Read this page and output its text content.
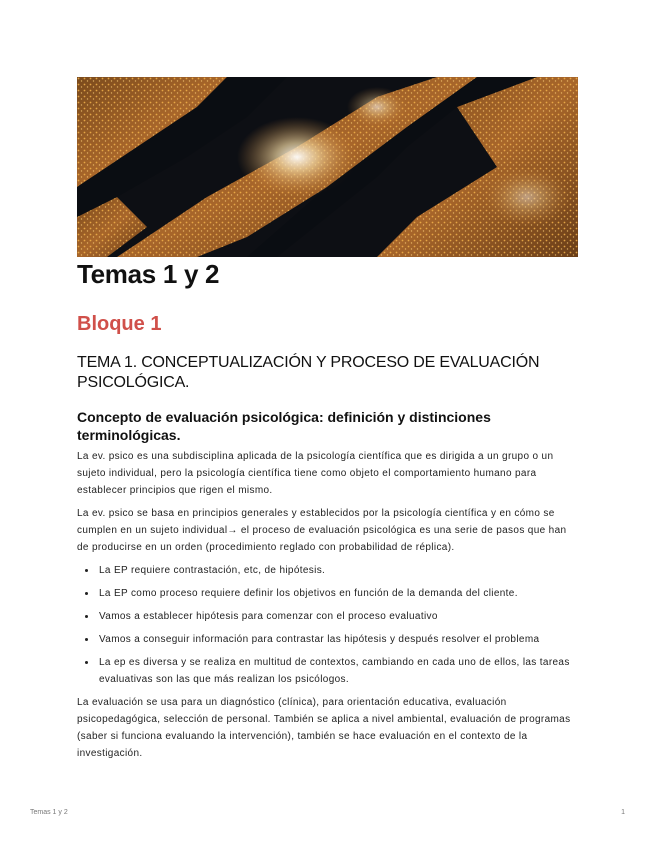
Temas 1 y 2
Bloque 1
TEMA 1. CONCEPTUALIZACIÓN Y PROCESO DE EVALUACIÓN PSICOLÓGICA.
Concepto de evaluación psicológica: definición y distinciones terminológicas.

La ev. psico es una subdisciplina aplicada de la psicología científica que es dirigida a un grupo o un sujeto individual, pero la psicología científica tiene como objeto el comportamiento humano para establecer principios que rigen el mismo.

La ev. psico se basa en principios generales y establecidos por la psicología científica y en cómo se cumplen en un sujeto individual→ el proceso de evaluación psicológica es una serie de pasos que han de producirse en un orden (procedimiento reglado con probabilidad de réplica).

• La EP requiere contrastación, etc, de hipótesis.
• La EP como proceso requiere definir los objetivos en función de la demanda del cliente.
• Vamos a establecer hipótesis para comenzar con el proceso evaluativo
• Vamos a conseguir información para contrastar las hipótesis y después resolver el problema
• La ep es diversa y se realiza en multitud de contextos, cambiando en cada uno de ellos, las tareas evaluativas son las que más realizan los psicólogos.

La evaluación se usa para un diagnóstico (clínica), para orientación educativa, evaluación psicopedagógica, selección de personal. También se aplica a nivel ambiental, evaluación de programas (saber si funciona evaluando la intervención), también se hace evaluación en el contexto de la investigación.

Temas 1 y 2	1
